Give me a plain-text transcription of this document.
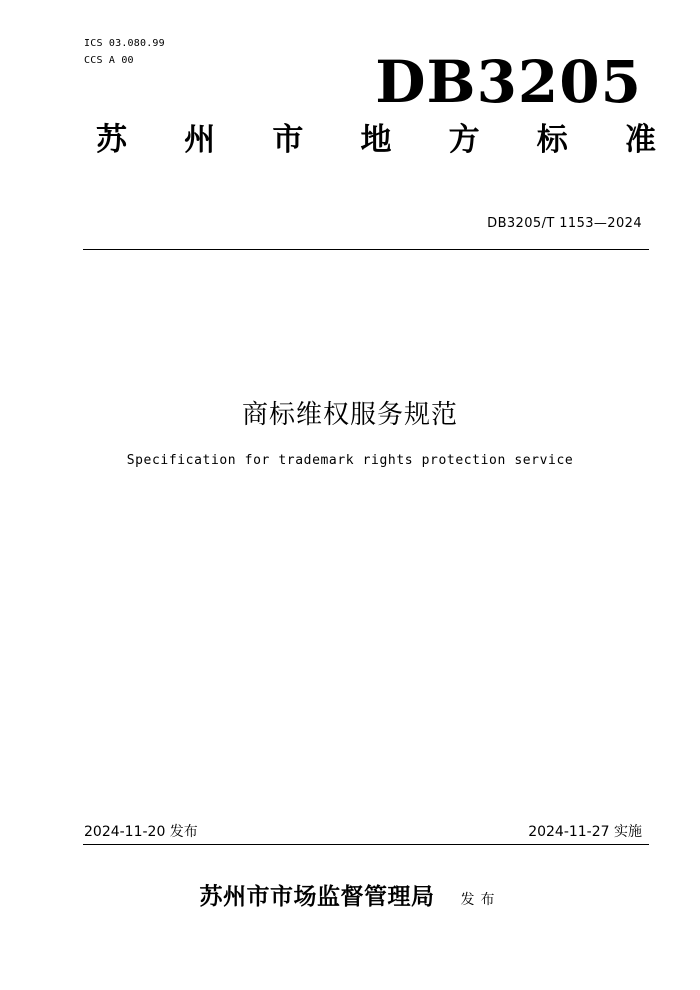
ICS 03.080.99
CCS A 00	DB3205
苏 州 市 地 方 标 准
DB3205/T 1153—2024
商标维权服务规范
Specification for trademark rights protection service
2024-11-20 发布	2024-11-27 实施
苏州市市场监督管理局 发布
